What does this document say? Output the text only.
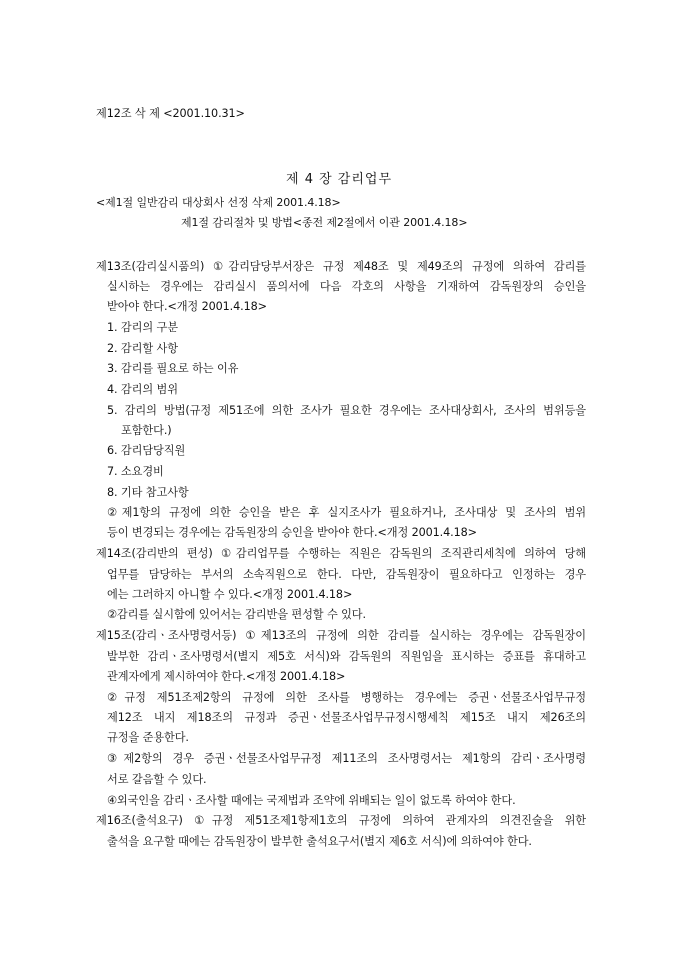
제12조 삭 제 <2001.10.31>
제 4 장 감리업무
<제1절 일반감리 대상회사 선정 삭제 2001.4.18>
제1절 감리절차 및 방법<종전 제2절에서 이관 2001.4.18>
제13조(감리실시품의) ①감리담당부서장은 규정 제48조 및 제49조의 규정에 의하여 감리를
실시하는 경우에는 감리실시 품의서에 다음 각호의 사항을 기재하여 감독원장의 승인을
받아야 한다.<개정 2001.4.18>
1. 감리의 구분
2. 감리할 사항
3. 감리를 필요로 하는 이유
4. 감리의 범위
5. 감리의 방법(규정 제51조에 의한 조사가 필요한 경우에는 조사대상회사, 조사의 범위등을
포함한다.)
6. 감리담당직원
7. 소요경비
8. 기타 참고사항
②제1항의 규정에 의한 승인을 받은 후 실지조사가 필요하거나, 조사대상 및 조사의 범위
등이 변경되는 경우에는 감독원장의 승인을 받아야 한다.<개정 2001.4.18>
제14조(감리반의 편성) ①감리업무를 수행하는 직원은 감독원의 조직관리세칙에 의하여 당해
업무를 담당하는 부서의 소속직원으로 한다. 다만, 감독원장이 필요하다고 인정하는 경우
에는 그러하지 아니할 수 있다.<개정 2001.4.18>
②감리를 실시함에 있어서는 감리반을 편성할 수 있다.
제15조(감리ㆍ조사명령서등) ①제13조의 규정에 의한 감리를 실시하는 경우에는 감독원장이
발부한 감리ㆍ조사명령서(별지 제5호 서식)와 감독원의 직원임을 표시하는 증표를 휴대하고
관계자에게 제시하여야 한다.<개정 2001.4.18>
②규정 제51조제2항의 규정에 의한 조사를 병행하는 경우에는 증권ㆍ선물조사업무규정
제12조 내지 제18조의 규정과 증권ㆍ선물조사업무규정시행세칙 제15조 내지 제26조의
규정을 준용한다.
③제2항의 경우 증권ㆍ선물조사업무규정 제11조의 조사명령서는 제1항의 감리ㆍ조사명령
서로 갈음할 수 있다.
④외국인을 감리ㆍ조사할 때에는 국제법과 조약에 위배되는 일이 없도록 하여야 한다.
제16조(출석요구) ①규정 제51조제1항제1호의 규정에 의하여 관계자의 의견진술을 위한
출석을 요구할 때에는 감독원장이 발부한 출석요구서(별지 제6호 서식)에 의하여야 한다.
